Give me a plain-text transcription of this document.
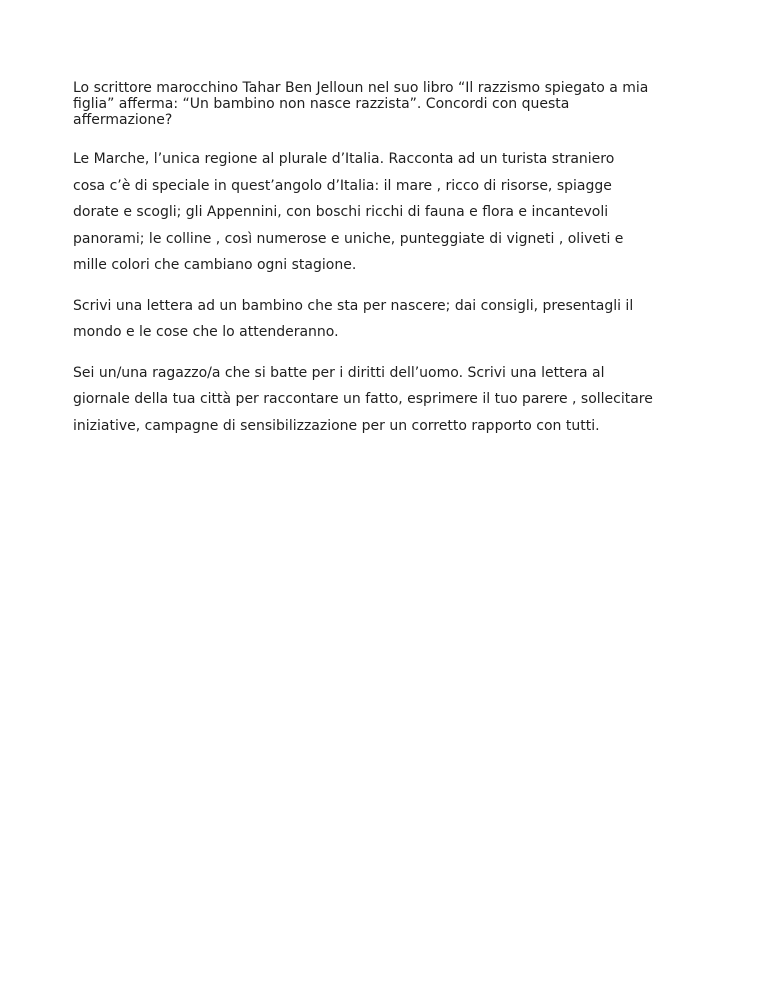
Lo scrittore marocchino Tahar Ben Jelloun nel suo libro “Il razzismo spiegato a mia
figlia” afferma: “Un bambino non nasce razzista”. Concordi con questa
affermazione?

Le Marche, l’unica regione al plurale d’Italia. Racconta ad un turista straniero
cosa c’è di speciale in quest’angolo d’Italia: il mare , ricco di risorse, spiagge
dorate e scogli; gli Appennini, con boschi ricchi di fauna e flora e incantevoli
panorami; le colline , così numerose e uniche, punteggiate di vigneti , oliveti e
mille colori che cambiano ogni stagione.

Scrivi una lettera ad un bambino che sta per nascere; dai consigli, presentagli il
mondo e le cose che lo attenderanno.

Sei un/una ragazzo/a che si batte per i diritti dell’uomo. Scrivi una lettera al
giornale della tua città per raccontare un fatto, esprimere il tuo parere , sollecitare
iniziative, campagne di sensibilizzazione per un corretto rapporto con tutti.
